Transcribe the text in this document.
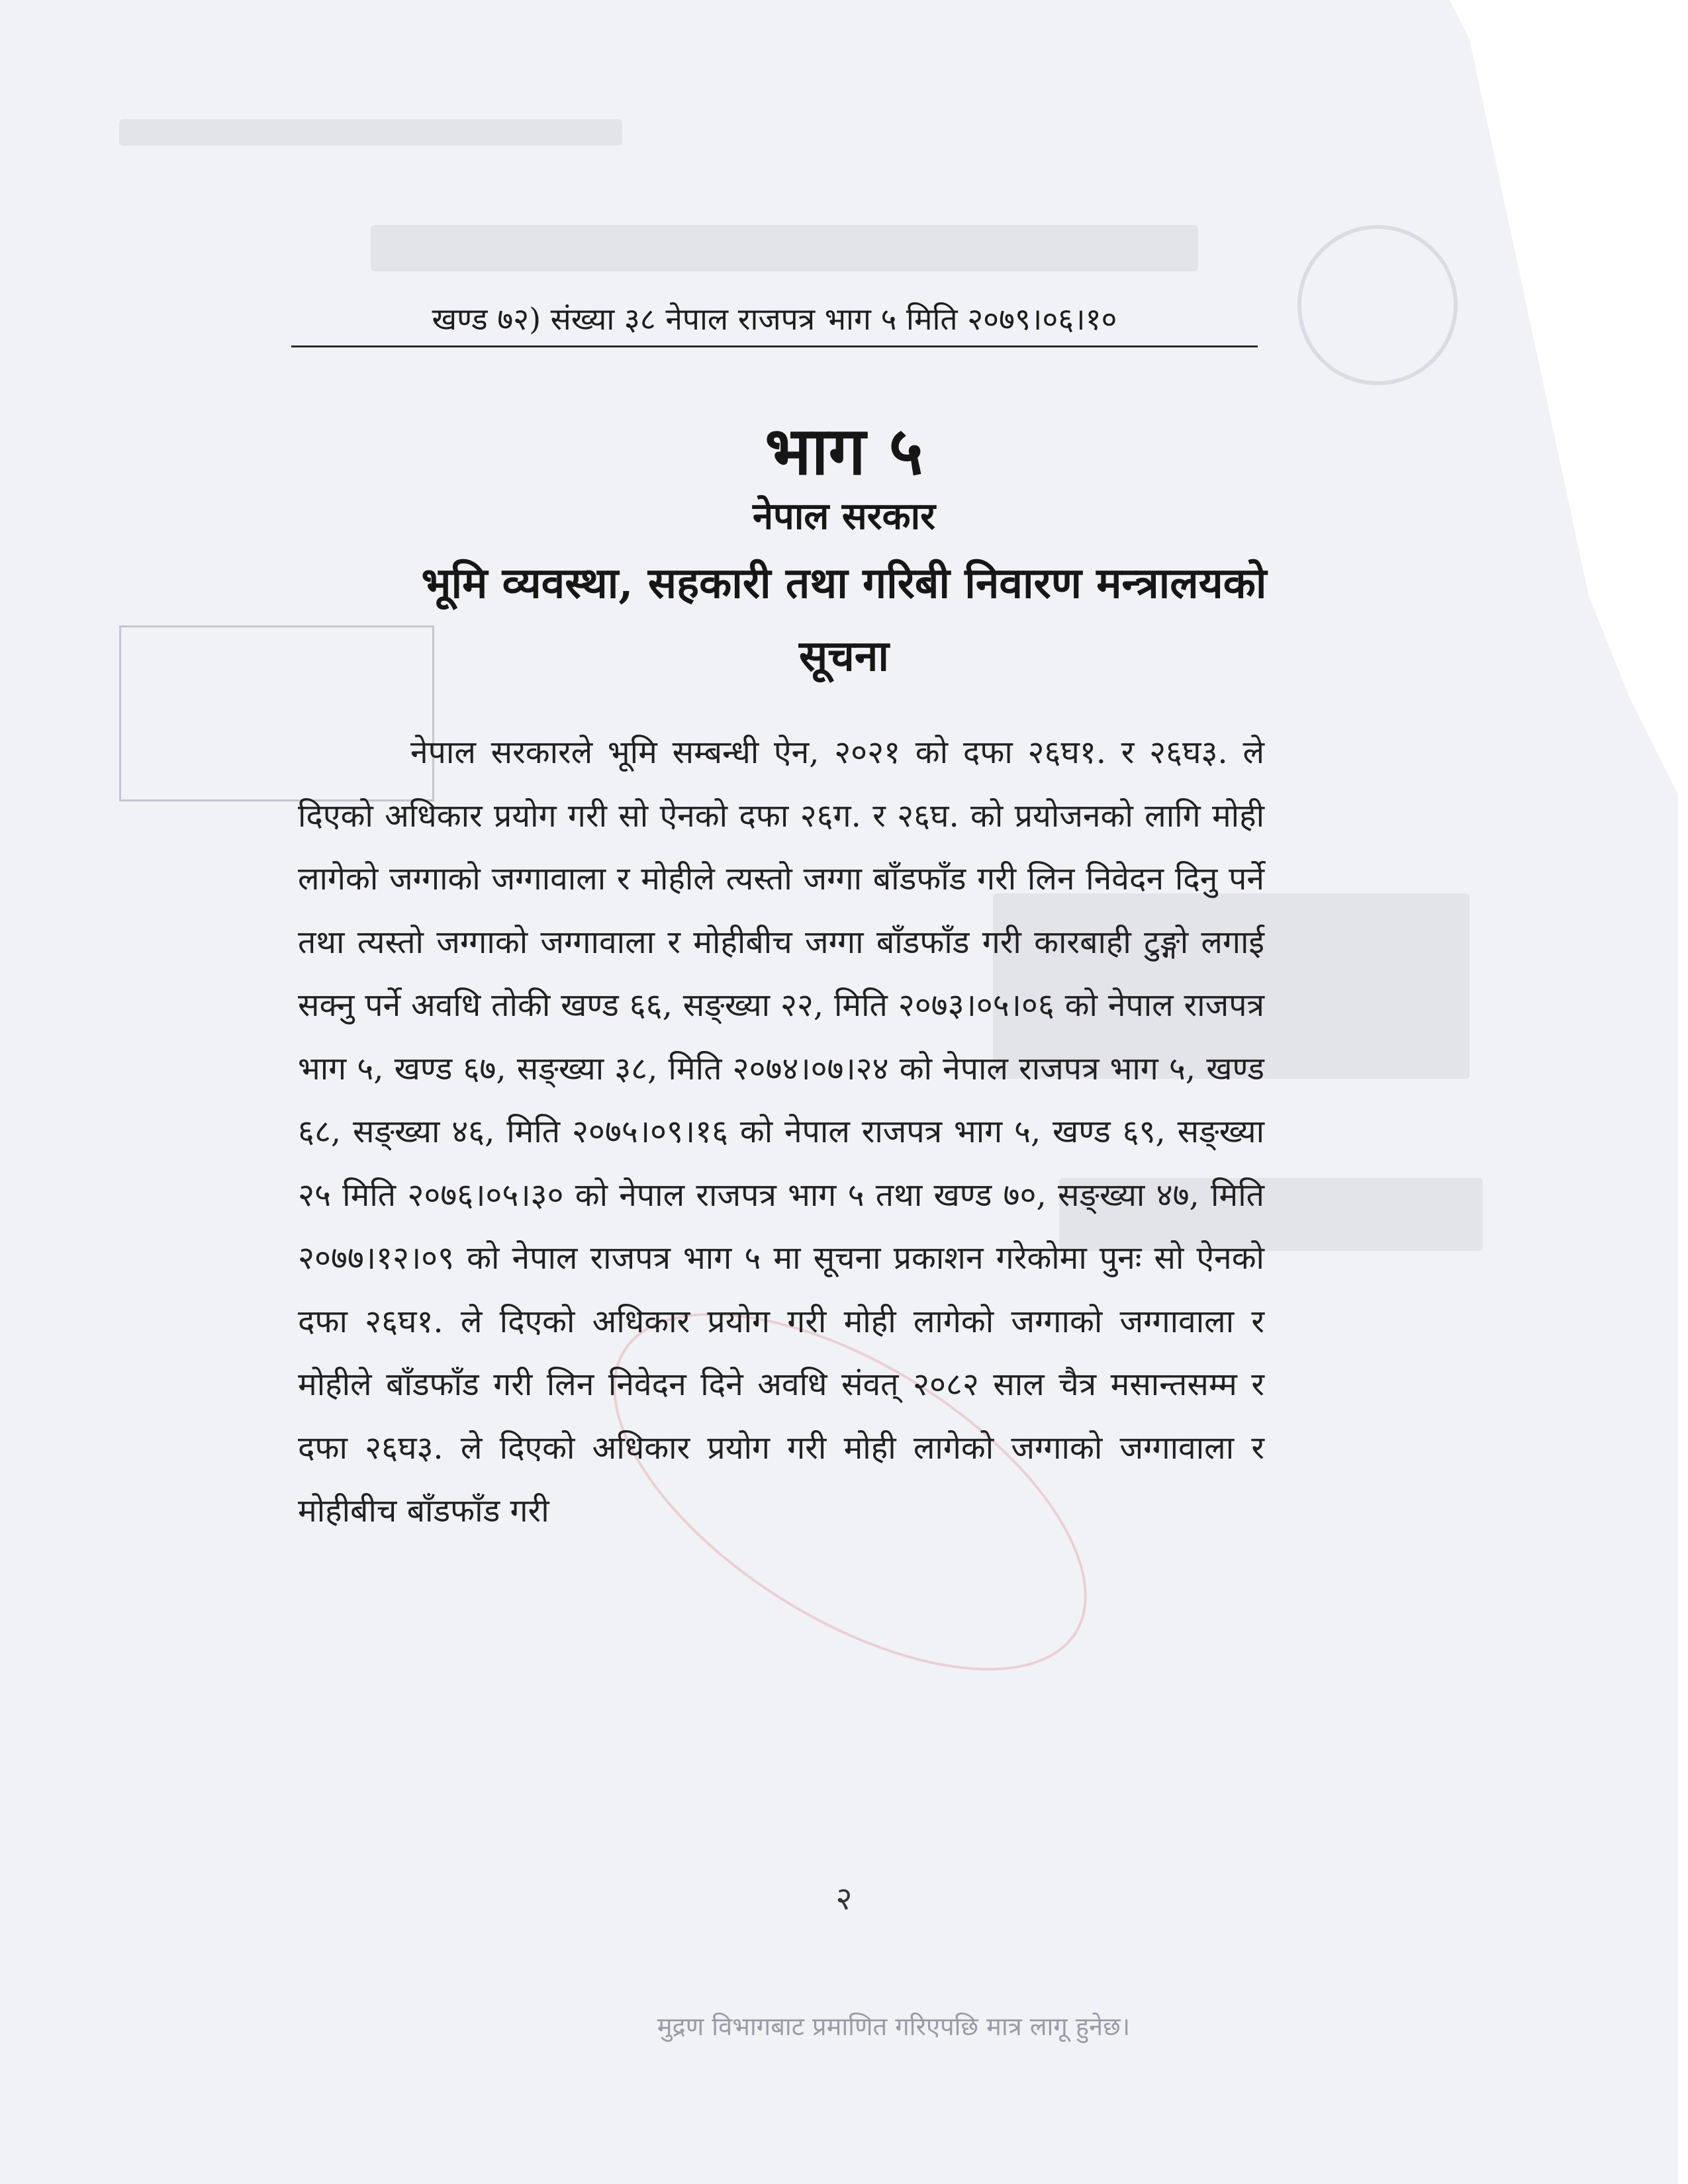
खण्ड ७२) संख्या ३८ नेपाल राजपत्र भाग ५ मिति २०७९।०६।१०
भाग ५
नेपाल सरकार
भूमि व्यवस्था, सहकारी तथा गरिबी निवारण मन्त्रालयको
सूचना
नेपाल सरकारले भूमि सम्बन्धी ऐन, २०२१ को दफा २६घ१. र २६घ३. ले दिएको अधिकार प्रयोग गरी सो ऐनको दफा २६ग. र २६घ. को प्रयोजनको लागि मोही लागेको जग्गाको जग्गावाला र मोहीले त्यस्तो जग्गा बाँडफाँड गरी लिन निवेदन दिनु पर्ने तथा त्यस्तो जग्गाको जग्गावाला र मोहीबीच जग्गा बाँडफाँड गरी कारबाही टुङ्गो लगाई सक्नु पर्ने अवधि तोकी खण्ड ६६, सङ्ख्या २२, मिति २०७३।०५।०६ को नेपाल राजपत्र भाग ५, खण्ड ६७, सङ्ख्या ३८, मिति २०७४।०७।२४ को नेपाल राजपत्र भाग ५, खण्ड ६८, सङ्ख्या ४६, मिति २०७५।०९।१६ को नेपाल राजपत्र भाग ५, खण्ड ६९, सङ्ख्या २५ मिति २०७६।०५।३० को नेपाल राजपत्र भाग ५ तथा खण्ड ७०, सङ्ख्या ४७, मिति २०७७।१२।०९ को नेपाल राजपत्र भाग ५ मा सूचना प्रकाशन गरेकोमा पुनः सो ऐनको दफा २६घ१. ले दिएको अधिकार प्रयोग गरी मोही लागेको जग्गाको जग्गावाला र मोहीले बाँडफाँड गरी लिन निवेदन दिने अवधि संवत् २०८२ साल चैत्र मसान्तसम्म र दफा २६घ३. ले दिएको अधिकार प्रयोग गरी मोही लागेको जग्गाको जग्गावाला र मोहीबीच बाँडफाँड गरी
२
मुद्रण विभागबाट प्रमाणित गरिएपछि मात्र लागू हुनेछ।
